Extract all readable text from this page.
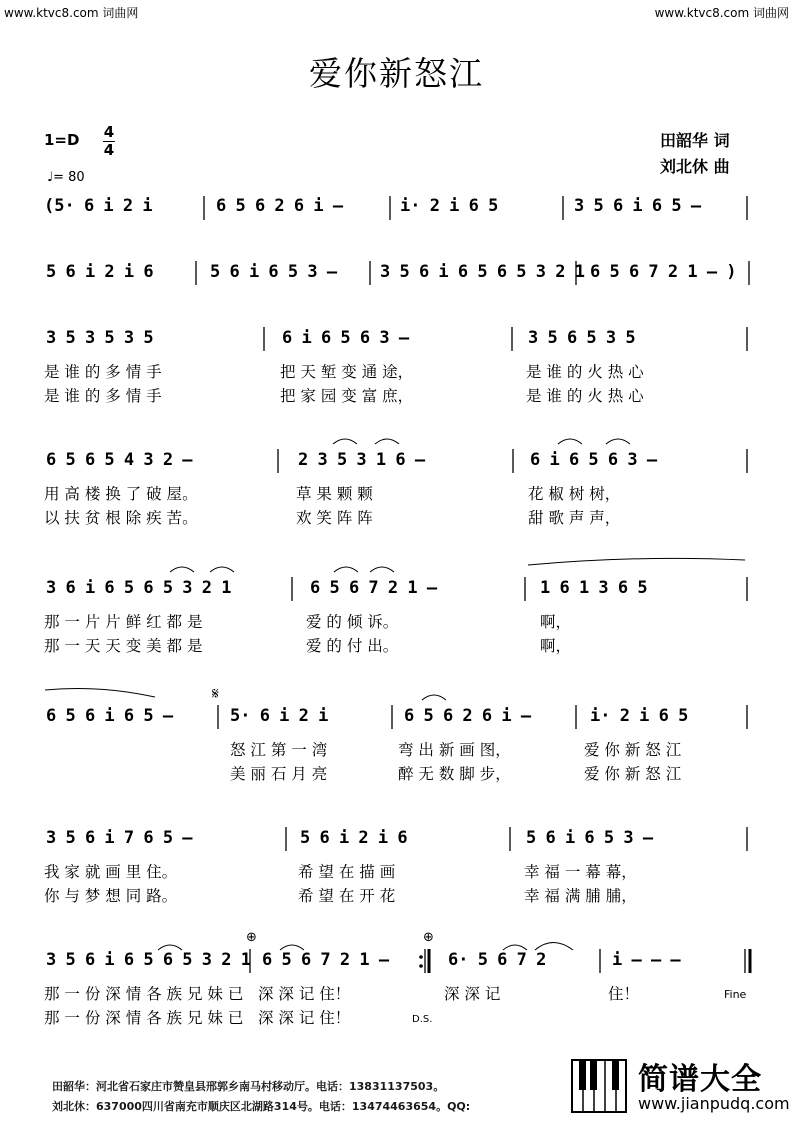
www.ktvc8.com 词曲网	www.ktvc8.com 词曲网
爱你新怒江
1=D 4
4
♩= 80
田韶华 词
刘北休 曲
(5· 6 i 2 i	6 5 6 2 6 i –	i· 2 i 6 5	3 5 6 i 6 5 –
5 6 i 2 i 6	5 6 i 6 5 3 –	3 5 6 i 6 5 6 5 3 2 1 6 5 6 7 2 1 – )
3 5 3 5 3 5	6 i 6 5 6 3 –	3 5 6 5 3 5
是 谁 的 多 情 手	把 天 堑 变 通 途，	是 谁 的 火 热 心
是 谁 的 多 情 手	把 家 园 变 富 庶，	是 谁 的 火 热 心
6 5 6 5 4 3 2 –	2 3 5 3 1 6 –	6 i 6 5 6 3 –
用 高 楼 换 了 破 屋。	草 果 颗 颗	花 椒 树 树，
以 扶 贫 根 除 疾 苦。	欢 笑 阵 阵	甜 歌 声 声，
3 6 i 6 5 6 5 3 2 1	6 5 6 7 2 1 –	1 6 1 3 6 5
那 一 片 片 鲜 红 都 是	爱 的 倾 诉。	啊，
那 一 天 天 变 美 都 是	爱 的 付 出。	啊，
𝄋
6 5 6 i 6 5 –	5· 6 i 2 i	6 5 6 2 6 i –	i· 2 i 6 5
怒 江 第 一 湾	弯 出 新 画 图，	爱 你 新 怒 江
美 丽 石 月 亮	醉 无 数 脚 步，	爱 你 新 怒 江
3 5 6 i 7 6 5 –	5 6 i 2 i 6	5 6 i 6 5 3 –
我 家 就 画 里 住。	希 望 在 描 画	幸 福 一 幕 幕，
你 与 梦 想 同 路。	希 望 在 开 花	幸 福 满 脯 脯，
⊕	⊕
3 5 6 i 6 5 6 5 3 2 1 6 5 6 7 2 1 –	6· 5 6 7 2	i – – –
那 一 份 深 情 各 族 兄 妹 已 深 深 记 住！	深 深 记	住！
那 一 份 深 情 各 族 兄 妹 已 深 深 记 住！
Fine
D.S.
田韶华：河北省石家庄市赞皇县邢郭乡南马村移动厅。电话：13831137503。
刘北休：637000四川省南充市顺庆区北湖路314号。电话：13474463654。QQ:
简谱大全
www.jianpudq.com
